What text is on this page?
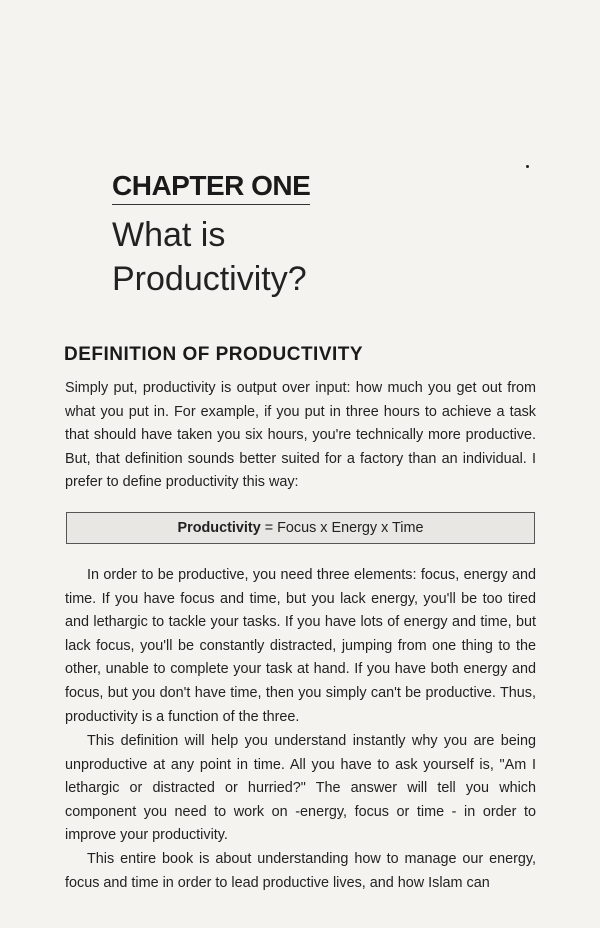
CHAPTER ONE
What is
Productivity?
DEFINITION OF PRODUCTIVITY

Simply put, productivity is output over input: how much you get out from what you put in. For example, if you put in three hours to achieve a task that should have taken you six hours, you're technically more productive. But, that definition sounds better suited for a factory than an individual. I prefer to define productivity this way:

Productivity = Focus x Energy x Time

In order to be productive, you need three elements: focus, energy and time. If you have focus and time, but you lack energy, you'll be too tired and lethargic to tackle your tasks. If you have lots of energy and time, but lack focus, you'll be constantly distracted, jumping from one thing to the other, unable to complete your task at hand. If you have both energy and focus, but you don't have time, then you simply can't be productive. Thus, productivity is a function of the three.

This definition will help you understand instantly why you are being unproductive at any point in time. All you have to ask yourself is, "Am I lethargic or distracted or hurried?" The answer will tell you which component you need to work on -energy, focus or time - in order to improve your productivity.

This entire book is about understanding how to manage our energy, focus and time in order to lead productive lives, and how Islam can
